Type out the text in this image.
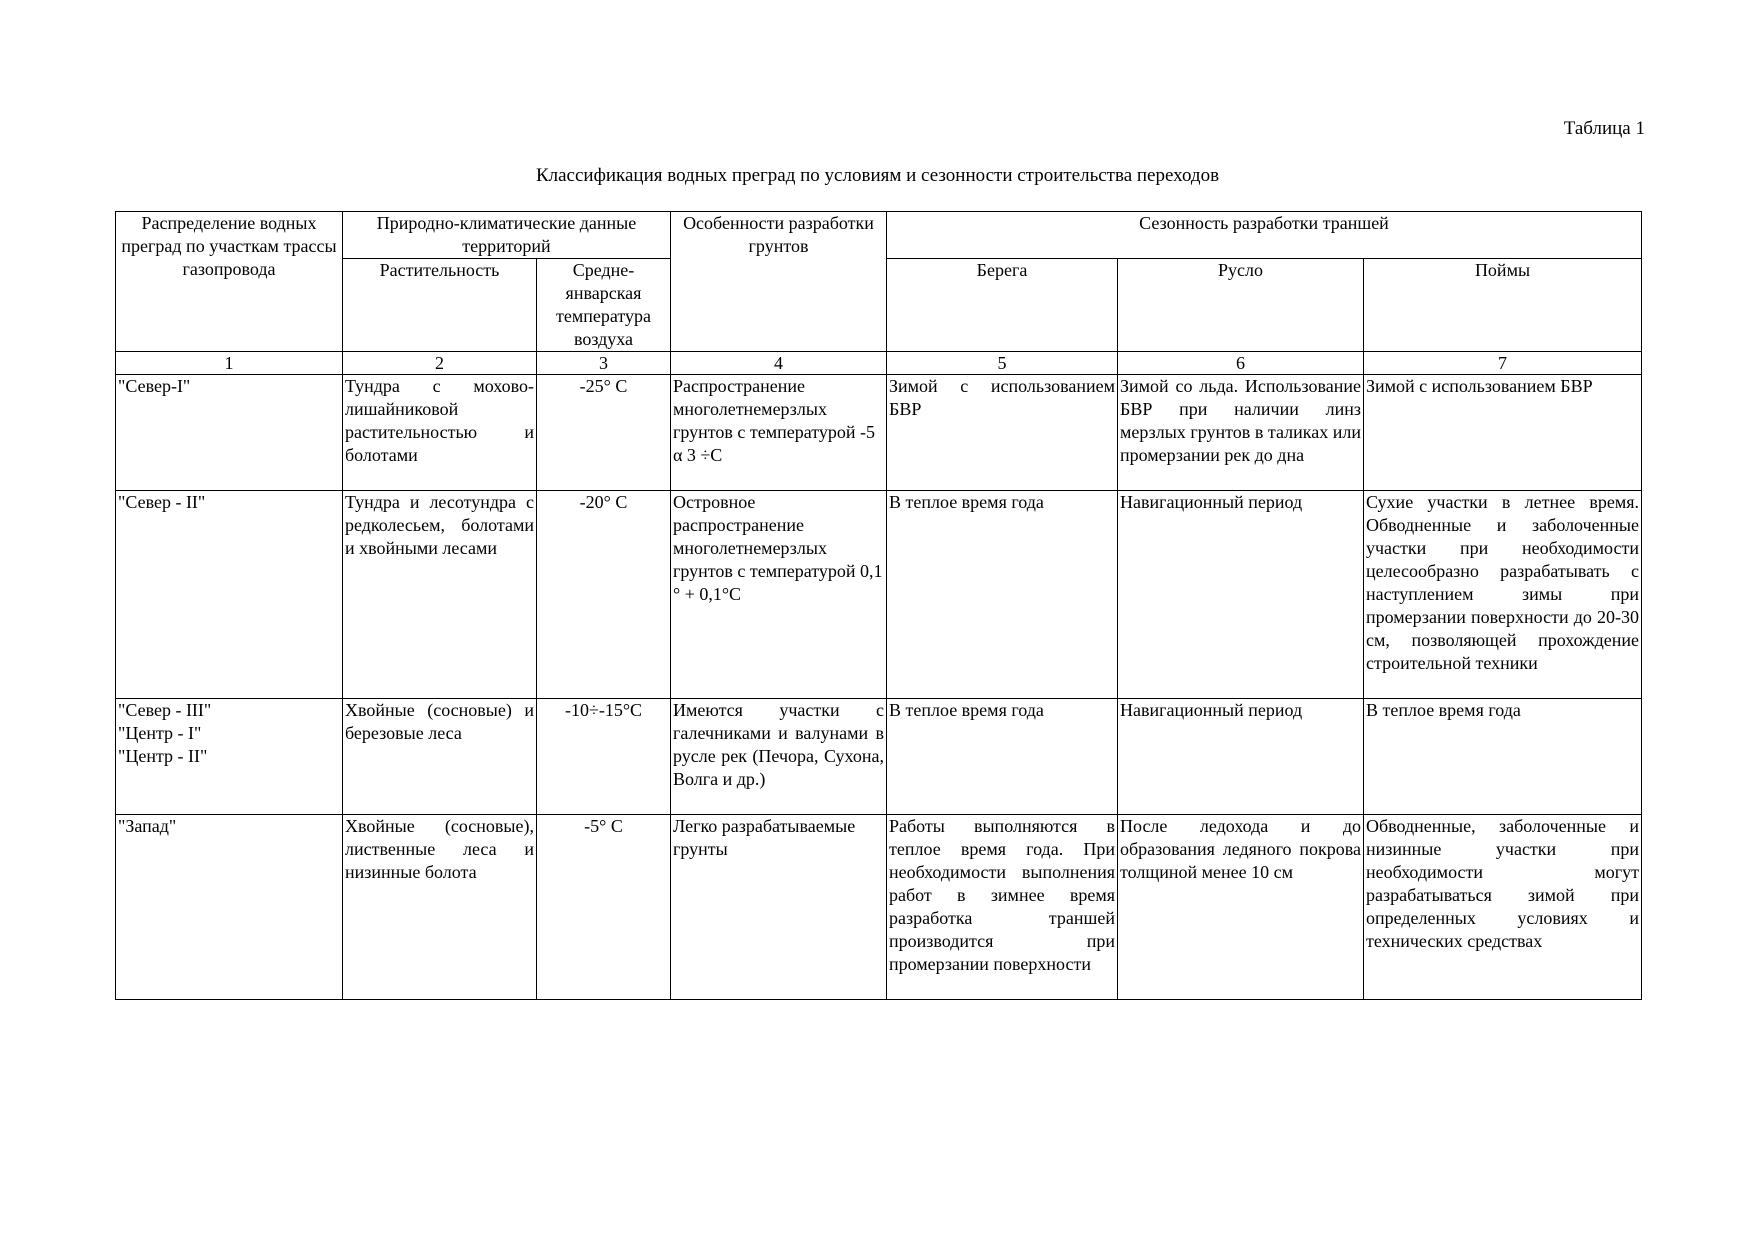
Таблица 1
Классификация водных преград по условиям и сезонности строительства переходов
Распределение водных преград по участкам трассы газопровода	Природно-климатические данные территорий		Особенности разработки грунтов	Сезонность разработки траншей		
	Растительность	Средне-январская температура воздуха		Берега	Русло	Поймы
1	2	3	4	5	6	7

"Север-I"	Тундра с мохово-лишайниковой растительностью и болотами	-25° С	Распространение многолетнемерзлых грунтов с температурой -5 α 3 ÷С	Зимой с использованием БВР	Зимой со льда. Использование БВР при наличии линз мерзлых грунтов в таликах или промерзании рек до дна	Зимой с использованием БВР

"Север - II"	Тундра и лесотундра с редколесьем, болотами и хвойными лесами	-20° С	Островное распространение многолетнемерзлых грунтов с температурой 0,1 ° + 0,1°С	В теплое время года	Навигационный период	Сухие участки в летнее время. Обводненные и заболоченные участки при необходимости целесообразно разрабатывать с наступлением зимы при промерзании поверхности до 20-30 см, позволяющей прохождение строительной техники

"Север - III"
"Центр - I"
"Центр - II"	Хвойные (сосновые) и березовые леса	-10÷-15°С	Имеются участки с галечниками и валунами в русле рек (Печора, Сухона, Волга и др.)	В теплое время года	Навигационный период	В теплое время года

"Запад"	Хвойные (сосновые), лиственные леса и низинные болота	-5° С	Легко разрабатываемые грунты	Работы выполняются в теплое время года. При необходимости выполнения работ в зимнее время разработка траншей производится при промерзании поверхности	После ледохода и до образования ледяного покрова толщиной менее 10 см	Обводненные, заболоченные и низинные участки при необходимости могут разрабатываться зимой при определенных условиях и технических средствах
